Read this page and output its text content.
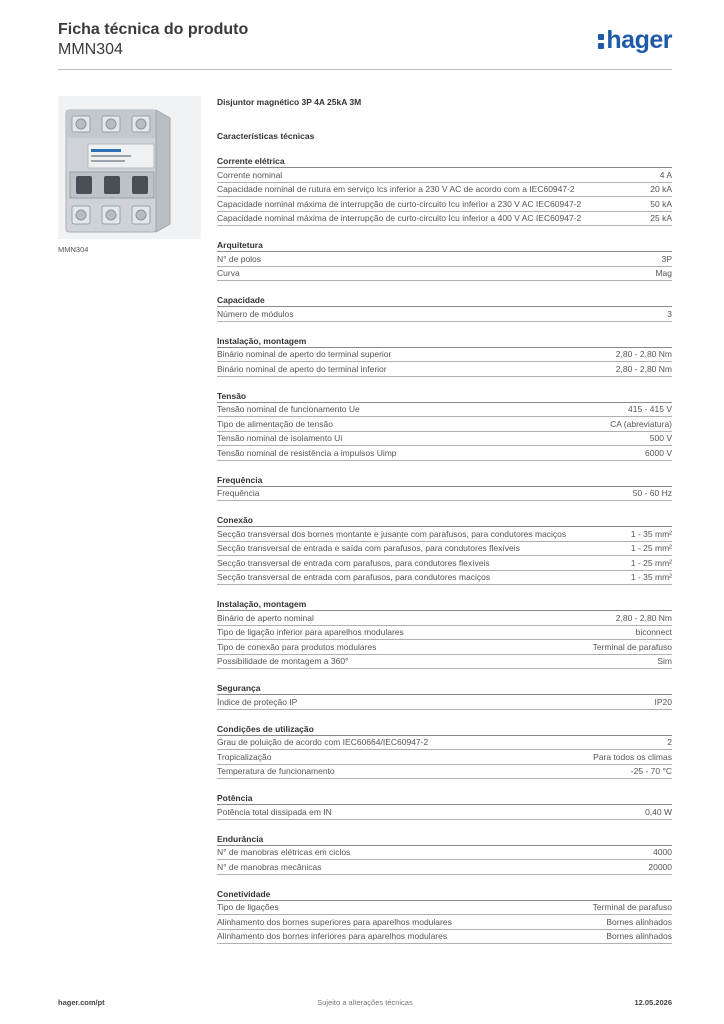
Ficha técnica do produto
MMN304	hager
MMN304
Disjuntor magnético 3P 4A 25kA 3M
Características técnicas
Corrente elétrica
Corrente nominal	4 A
Capacidade nominal de rutura em serviço Ics inferior a 230 V AC de acordo com a IEC60947-2	20 kA
Capacidade nominal máxima de interrupção de curto-circuito Icu inferior a 230 V AC IEC60947-2	50 kA
Capacidade nominal máxima de interrupção de curto-circuito Icu inferior a 400 V AC IEC60947-2	25 kA
Arquitetura
N° de polos	3P
Curva	Mag
Capacidade
Número de módulos	3
Instalação, montagem
Binário nominal de aperto do terminal superior	2,80 - 2,80 Nm
Binário nominal de aperto do terminal inferior	2,80 - 2,80 Nm
Tensão
Tensão nominal de funcionamento Ue	415 - 415 V
Tipo de alimentação de tensão	CA (abreviatura)
Tensão nominal de isolamento Ui	500 V
Tensão nominal de resistência a impulsos Uimp	6000 V
Frequência
Frequência	50 - 60 Hz
Conexão
Secção transversal dos bornes montante e jusante com parafusos, para condutores maciços	1 - 35 mm²
Secção transversal de entrada e saída com parafusos, para condutores flexíveis	1 - 25 mm²
Secção transversal de entrada com parafusos, para condutores flexíveis	1 - 25 mm²
Secção transversal de entrada com parafusos, para condutores maciços	1 - 35 mm²
Instalação, montagem
Binário de aperto nominal	2,80 - 2,80 Nm
Tipo de ligação inferior para aparelhos modulares	biconnect
Tipo de conexão para produtos modulares	Terminal de parafuso
Possibilidade de montagem a 360°	Sim
Segurança
Índice de proteção IP	IP20
Condições de utilização
Grau de poluição de acordo com IEC60664/IEC60947-2	2
Tropicalização	Para todos os climas
Temperatura de funcionamento	-25 - 70 °C
Potência
Potência total dissipada em IN	0,40 W
Endurância
N° de manobras elétricas em ciclos	4000
N° de manobras mecânicas	20000
Conetividade
Tipo de ligações	Terminal de parafuso
Alinhamento dos bornes superiores para aparelhos modulares	Bornes alinhados
Alinhamento dos bornes inferiores para aparelhos modulares	Bornes alinhados
hager.com/pt	Sujeito a alterações técnicas	12.05.2026
